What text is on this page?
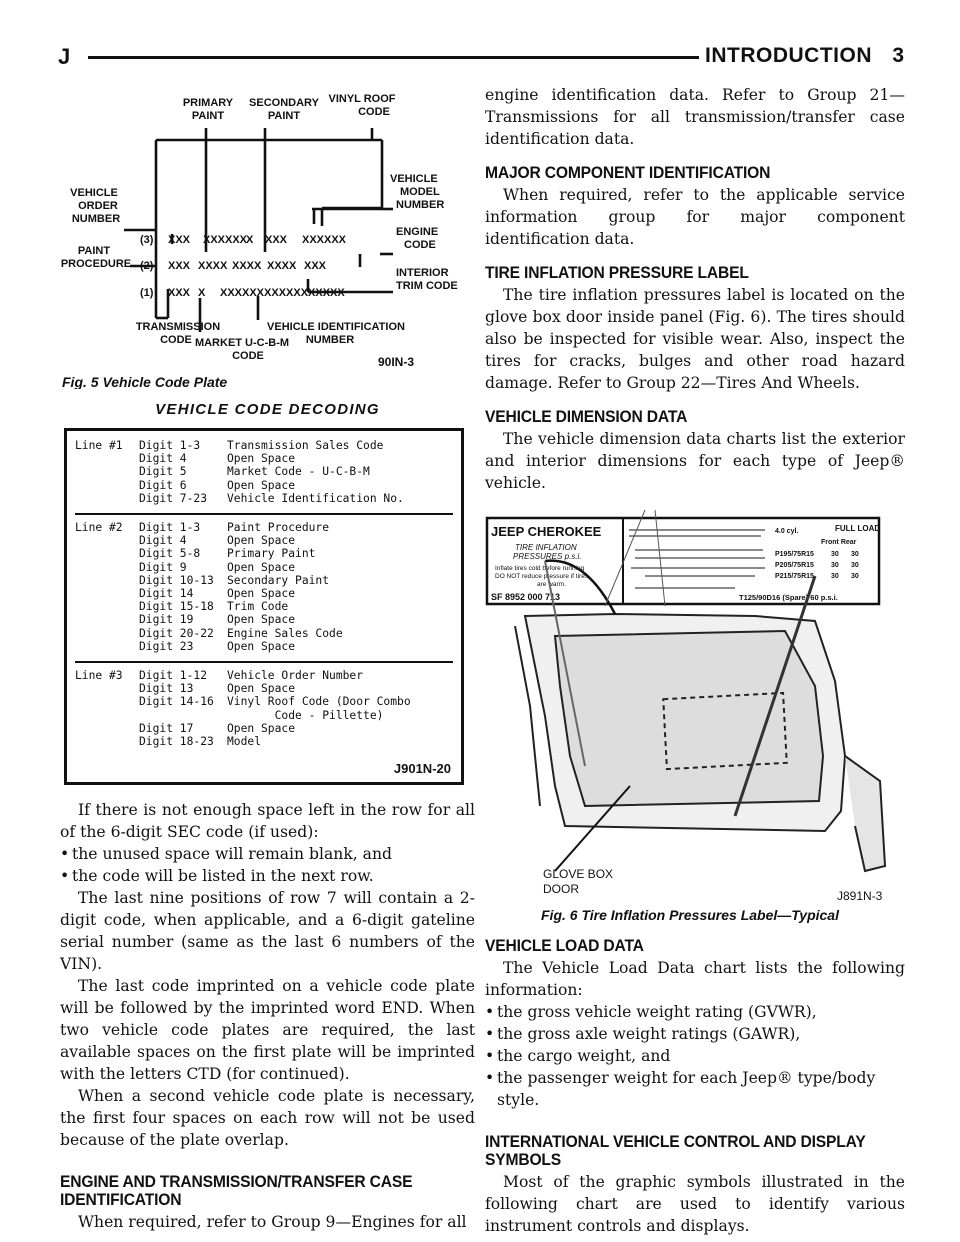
J	INTRODUCTION 3
PRIMARY
PAINT
SECONDARY
PAINT
VINYL ROOF
CODE
VEHICLE
ORDER
NUMBER
PAINT
PROCEDURE
VEHICLE
MODEL
NUMBER
ENGINE
CODE
INTERIOR
TRIM CODE
TRANSMISSION
CODE
VEHICLE IDENTIFICATION
NUMBER
MARKET U-C-B-M
CODE
(3) XXX XXXXXX
X XXX XXXXXX
(2) XXX XXXX XXXX XXXX XXX
(1) XXX X XXXXXXXXXXXXXXXXX
90IN-3
Fig. 5 Vehicle Code Plate
VEHICLE CODE DECODING
Line #1	Digit 1-3	Transmission Sales Code
Digit 4	Open Space
Digit 5	Market Code - U-C-B-M
Digit 6	Open Space
Digit 7-23	Vehicle Identification No.
Line #2	Digit 1-3	Paint Procedure
Digit 4	Open Space
Digit 5-8	Primary Paint
Digit 9	Open Space
Digit 10-13	Secondary Paint
Digit 14	Open Space
Digit 15-18	Trim Code
Digit 19	Open Space
Digit 20-22	Engine Sales Code
Digit 23	Open Space
Line #3	Digit 1-12	Vehicle Order Number
Digit 13	Open Space
Digit 14-16	Vinyl Roof Code (Door Combo
Code - Pillette)
Digit 17	Open Space
Digit 18-23	Model
J901N-20

If there is not enough space left in the row for all of the 6-digit SEC code (if used):

• the unused space will remain blank, and
• the code will be listed in the next row.

The last nine positions of row 7 will contain a 2-digit code, when applicable, and a 6-digit gateline serial number (same as the last 6 numbers of the VIN).

The last code imprinted on a vehicle code plate will be followed by the imprinted word END. When two vehicle code plates are required, the last available spaces on the first plate will be imprinted with the letters CTD (for continued).

When a second vehicle code plate is necessary, the first four spaces on each row will not be used because of the plate overlap.

ENGINE AND TRANSMISSION/TRANSFER CASE IDENTIFICATION

When required, refer to Group 9—Engines for all

engine identification data. Refer to Group 21—Transmissions for all transmission/transfer case identification data.

MAJOR COMPONENT IDENTIFICATION

When required, refer to the applicable service information group for major component identification data.

TIRE INFLATION PRESSURE LABEL

The tire inflation pressures label is located on the glove box door inside panel (Fig. 6). The tires should also be inspected for visible wear. Also, inspect the tires for cracks, bulges and other road hazard damage. Refer to Group 22—Tires And Wheels.

VEHICLE DIMENSION DATA

The vehicle dimension data charts list the exterior and interior dimensions for each type of Jeep® vehicle.

JEEP CHEROKEE
TIRE INFLATION
PRESSURES p.s.i.
Inflate tires cold before running
DO NOT reduce pressure if tires
are warm.
SF 8952 000 713
FULL LOAD
Front Rear
4.0 cyl.
P195/75R15 30 30
P205/75R15 30 30
P215/75R15 30 30
T125/90D16 (Spare) 60 p.s.i.
GLOVE BOX
DOOR	J891N-3
Fig. 6 Tire Inflation Pressures Label—Typical
VEHICLE LOAD DATA

The Vehicle Load Data chart lists the following information:

• the gross vehicle weight rating (GVWR),
• the gross axle weight ratings (GAWR),
• the cargo weight, and
• the passenger weight for each Jeep® type/body style.
INTERNATIONAL VEHICLE CONTROL AND DISPLAY SYMBOLS

Most of the graphic symbols illustrated in the following chart are used to identify various instrument controls and displays.
